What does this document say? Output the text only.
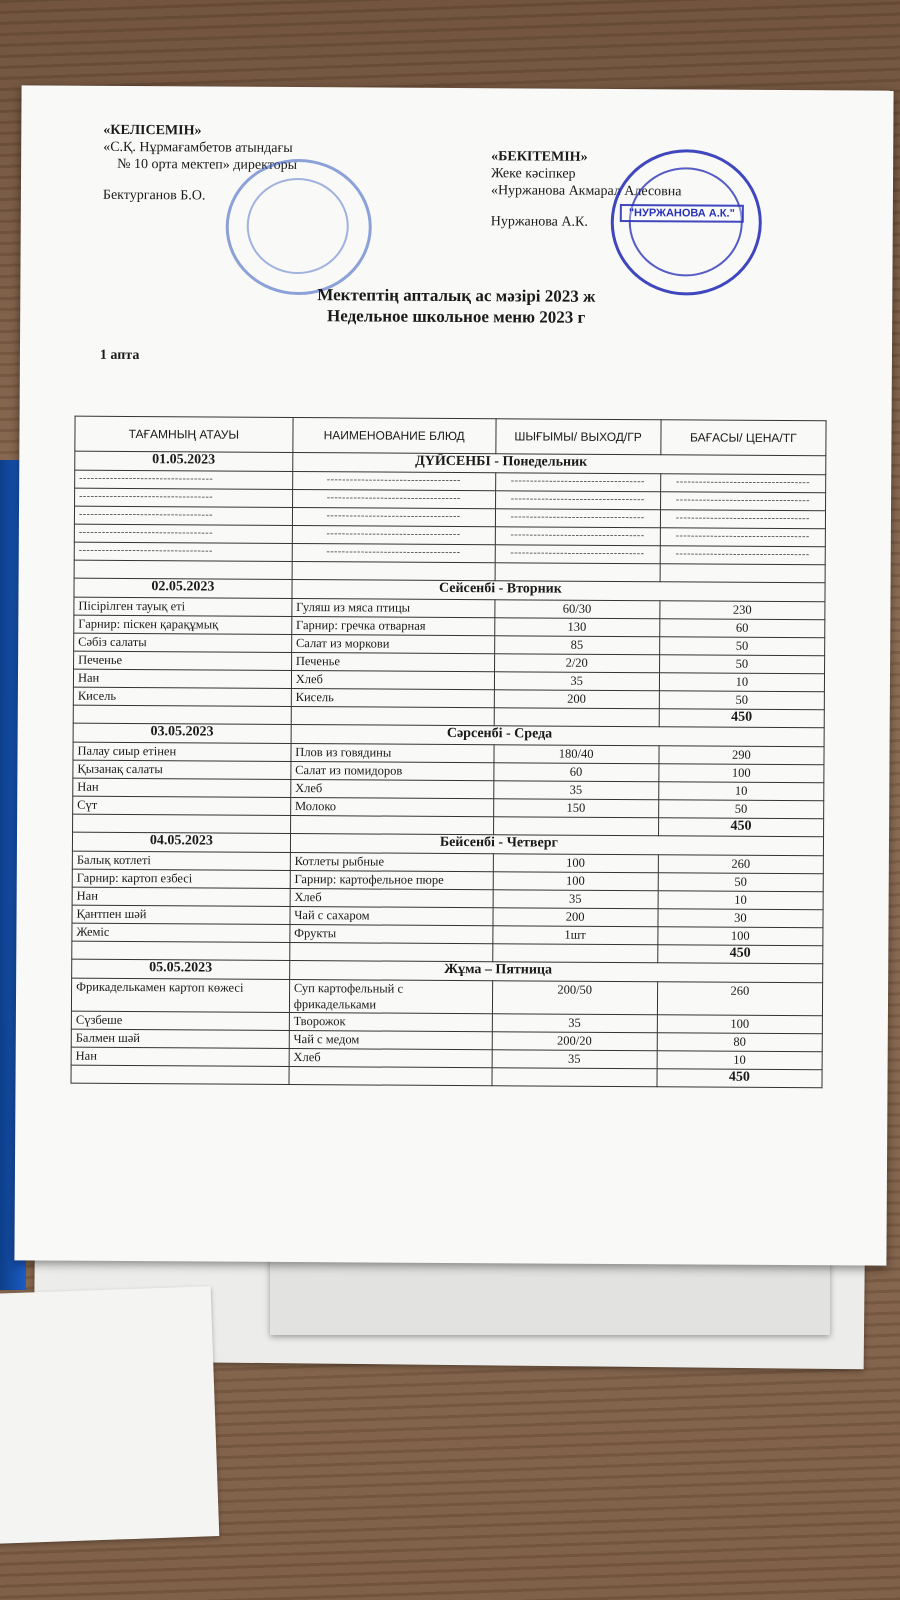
«КЕЛІСЕМІН»
«С.Қ. Нұрмағамбетов атындағы
№ 10 орта мектеп» директоры
Бектурганов Б.О.
«БЕКІТЕМІН»
Жеке кәсіпкер
«Нуржанова Акмарал Алесовна
Нуржанова А.К.
"НУРЖАНОВА А.К."
Мектептің апталық ас мәзірі 2023 ж
Недельное школьное меню 2023 г
1 апта
ТАҒАМНЫҢ АТАУЫ	НАИМЕНОВАНИЕ БЛЮД	ШЫҒЫМЫ/ ВЫХОД/ГР	БАҒАСЫ/ ЦЕНА/ТГ
01.05.2023	ДҮЙСЕНБІ - Понедельник		
-----------------------------------	-----------------------------------	-----------------------------------	-----------------------------------
-----------------------------------	-----------------------------------	-----------------------------------	-----------------------------------
-----------------------------------	-----------------------------------	-----------------------------------	-----------------------------------
-----------------------------------	-----------------------------------	-----------------------------------	-----------------------------------
-----------------------------------	-----------------------------------	-----------------------------------	-----------------------------------

02.05.2023	Сейсенбі - Вторник		
Пісірілген тауық еті	Гуляш из мяса птицы	60/30	230
Гарнир: піскен қарақұмық	Гарнир: гречка отварная	130	60
Сәбіз салаты	Салат из моркови	85	50
Печенье	Печенье	2/20	50
Нан	Хлеб	35	10
Кисель	Кисель	200	50
			450
03.05.2023	Сәрсенбі - Среда		
Палау сиыр етінен	Плов из говядины	180/40	290
Қызанақ салаты	Салат из помидоров	60	100
Нан	Хлеб	35	10
Сүт	Молоко	150	50
			450
04.05.2023	Бейсенбі - Четверг		
Балық котлеті	Котлеты рыбные	100	260
Гарнир: картоп езбесі	Гарнир: картофельное пюре	100	50
Нан	Хлеб	35	10
Қантпен шәй	Чай с сахаром	200	30
Жеміс	Фрукты	1шт	100
			450
05.05.2023	Жұма – Пятница		
Фрикаделькамен картоп көжесі	Суп картофельный с фрикадельками	200/50	260
Сүзбеше	Творожок	35	100
Балмен шәй	Чай с медом	200/20	80
Нан	Хлеб	35	10
			450
